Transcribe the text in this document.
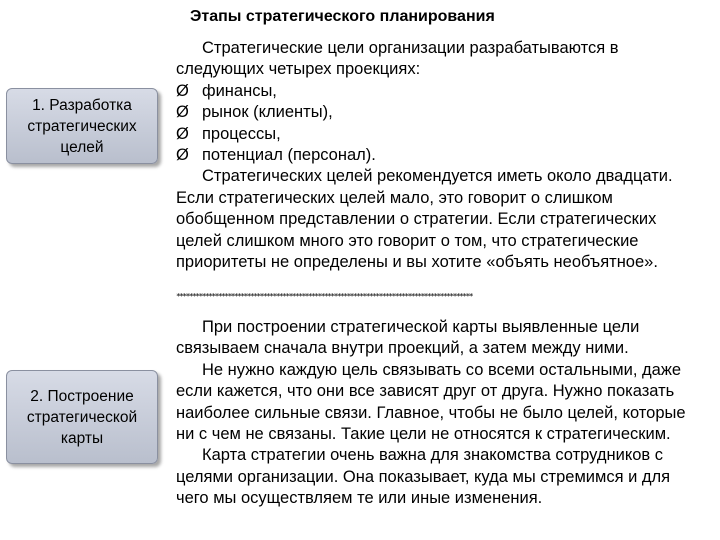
Этапы стратегического планирования
1. Разработка
стратегических
целей
2. Построение
стратегической
карты

Стратегические цели организации разрабатываются в следующих четырех проекциях:

Ø финансы,
Ø рынок (клиенты),
Ø процессы,
Ø потенциал (персонал).

Стратегических целей рекомендуется иметь около двадцати. Если стратегических целей мало, это говорит о слишком обобщенном представлении о стратегии. Если стратегических целей слишком много это говорит о том, что стратегические приоритеты не определены и вы хотите «объять необъятное».

********************************************************************************************

При построении стратегической карты выявленные цели связываем сначала внутри проекций, а затем между ними.

Не нужно каждую цель связывать со всеми остальными, даже если кажется, что они все зависят друг от друга. Нужно показать наиболее сильные связи. Главное, чтобы не было целей, которые ни с чем не связаны. Такие цели не относятся к стратегическим.

Карта стратегии очень важна для знакомства сотрудников с целями организации. Она показывает, куда мы стремимся и для чего мы осуществляем те или иные изменения.
